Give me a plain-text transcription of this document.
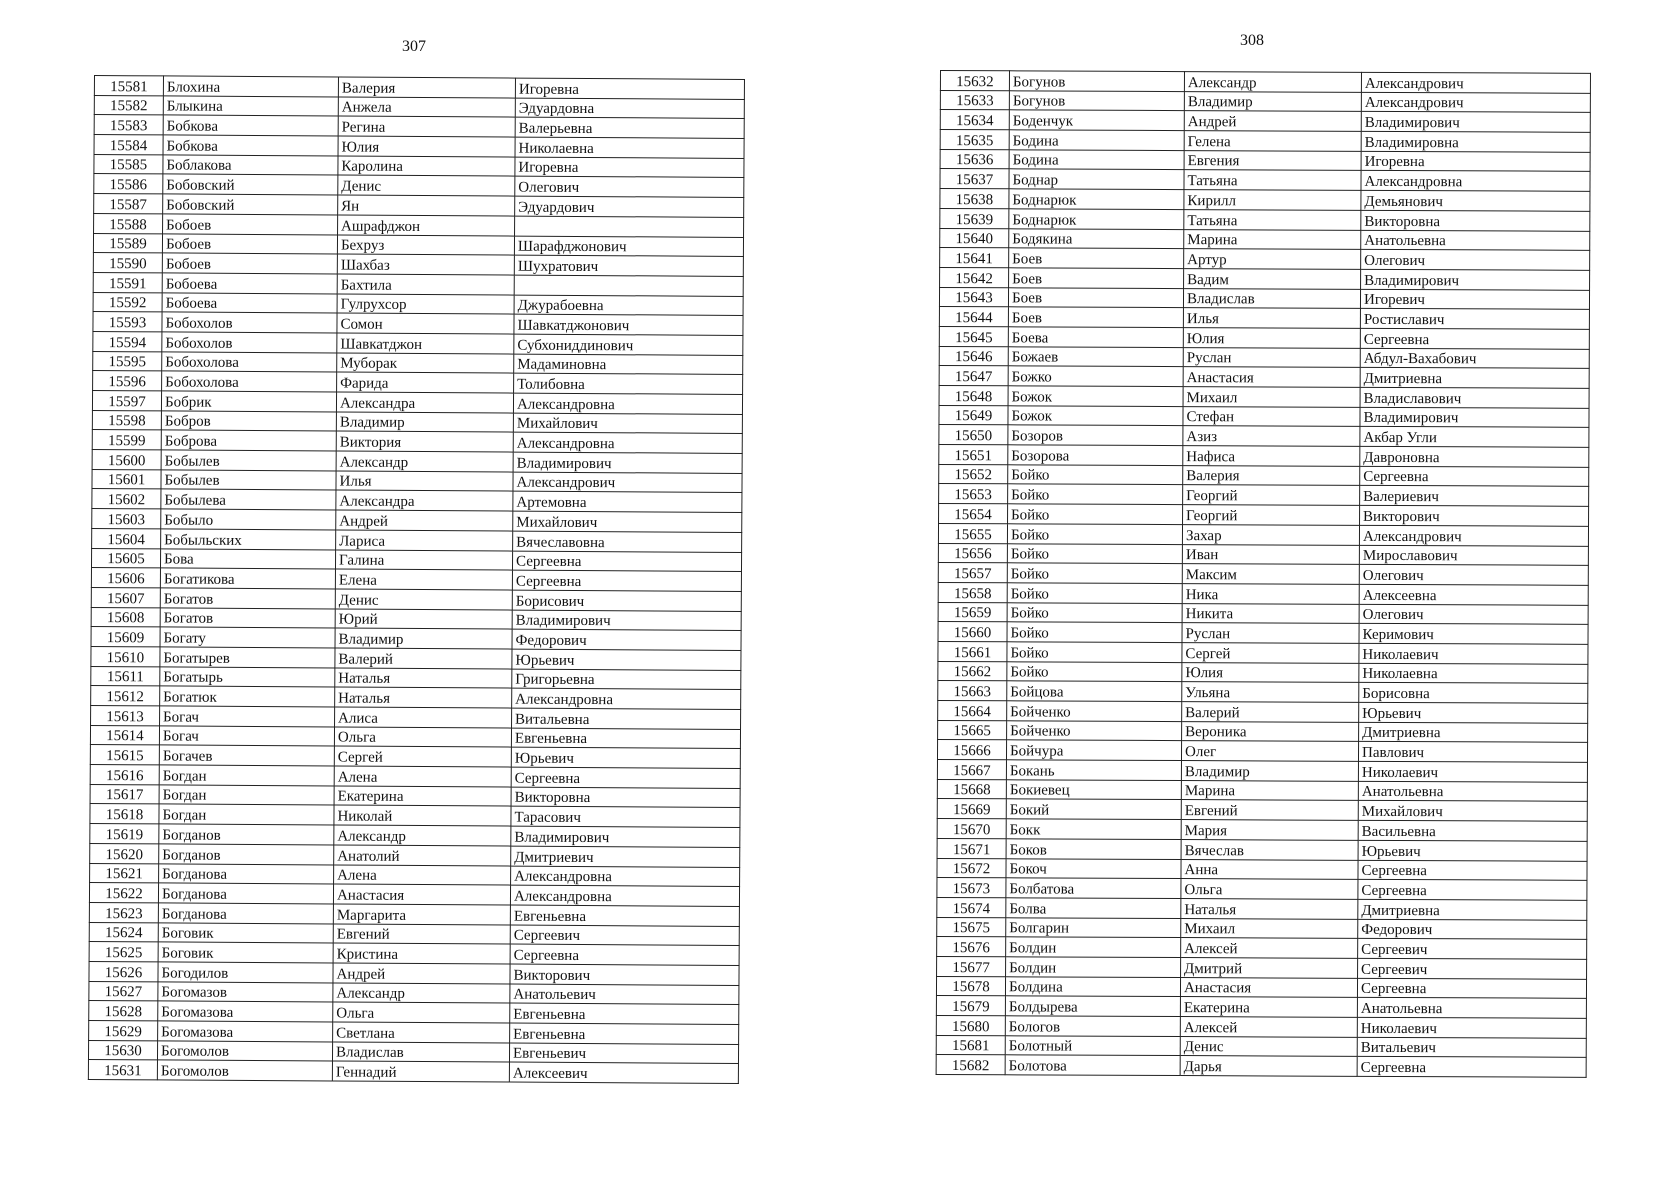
307
15581	Блохина	Валерия	Игоревна
15582	Блыкина	Анжела	Эдуардовна
15583	Бобкова	Регина	Валерьевна
15584	Бобкова	Юлия	Николаевна
15585	Боблакова	Каролина	Игоревна
15586	Бобовский	Денис	Олегович
15587	Бобовский	Ян	Эдуардович
15588	Бобоев	Ашрафджон	
15589	Бобоев	Бехруз	Шарафджонович
15590	Бобоев	Шахбаз	Шухратович
15591	Бобоева	Бахтила	
15592	Бобоева	Гулрухсор	Джурабоевна
15593	Бобохолов	Сомон	Шавкатджонович
15594	Бобохолов	Шавкатджон	Субхониддинович
15595	Бобохолова	Муборак	Мадаминовна
15596	Бобохолова	Фарида	Толибовна
15597	Бобрик	Александра	Александровна
15598	Бобров	Владимир	Михайлович
15599	Боброва	Виктория	Александровна
15600	Бобылев	Александр	Владимирович
15601	Бобылев	Илья	Александрович
15602	Бобылева	Александра	Артемовна
15603	Бобыло	Андрей	Михайлович
15604	Бобыльских	Лариса	Вячеславовна
15605	Бова	Галина	Сергеевна
15606	Богатикова	Елена	Сергеевна
15607	Богатов	Денис	Борисович
15608	Богатов	Юрий	Владимирович
15609	Богату	Владимир	Федорович
15610	Богатырев	Валерий	Юрьевич
15611	Богатырь	Наталья	Григорьевна
15612	Богатюк	Наталья	Александровна
15613	Богач	Алиса	Витальевна
15614	Богач	Ольга	Евгеньевна
15615	Богачев	Сергей	Юрьевич
15616	Богдан	Алена	Сергеевна
15617	Богдан	Екатерина	Викторовна
15618	Богдан	Николай	Тарасович
15619	Богданов	Александр	Владимирович
15620	Богданов	Анатолий	Дмитриевич
15621	Богданова	Алена	Александровна
15622	Богданова	Анастасия	Александровна
15623	Богданова	Маргарита	Евгеньевна
15624	Боговик	Евгений	Сергеевич
15625	Боговик	Кристина	Сергеевна
15626	Богодилов	Андрей	Викторович
15627	Богомазов	Александр	Анатольевич
15628	Богомазова	Ольга	Евгеньевна
15629	Богомазова	Светлана	Евгеньевна
15630	Богомолов	Владислав	Евгеньевич
15631	Богомолов	Геннадий	Алексеевич
308
15632	Богунов	Александр	Александрович
15633	Богунов	Владимир	Александрович
15634	Боденчук	Андрей	Владимирович
15635	Бодина	Гелена	Владимировна
15636	Бодина	Евгения	Игоревна
15637	Боднар	Татьяна	Александровна
15638	Боднарюк	Кирилл	Демьянович
15639	Боднарюк	Татьяна	Викторовна
15640	Бодякина	Марина	Анатольевна
15641	Боев	Артур	Олегович
15642	Боев	Вадим	Владимирович
15643	Боев	Владислав	Игоревич
15644	Боев	Илья	Ростиславич
15645	Боева	Юлия	Сергеевна
15646	Божаев	Руслан	Абдул-Вахабович
15647	Божко	Анастасия	Дмитриевна
15648	Божок	Михаил	Владиславович
15649	Божок	Стефан	Владимирович
15650	Бозоров	Азиз	Акбар Угли
15651	Бозорова	Нафиса	Давроновна
15652	Бойко	Валерия	Сергеевна
15653	Бойко	Георгий	Валериевич
15654	Бойко	Георгий	Викторович
15655	Бойко	Захар	Александрович
15656	Бойко	Иван	Мирославович
15657	Бойко	Максим	Олегович
15658	Бойко	Ника	Алексеевна
15659	Бойко	Никита	Олегович
15660	Бойко	Руслан	Керимович
15661	Бойко	Сергей	Николаевич
15662	Бойко	Юлия	Николаевна
15663	Бойцова	Ульяна	Борисовна
15664	Бойченко	Валерий	Юрьевич
15665	Бойченко	Вероника	Дмитриевна
15666	Бойчура	Олег	Павлович
15667	Бокань	Владимир	Николаевич
15668	Бокиевец	Марина	Анатольевна
15669	Бокий	Евгений	Михайлович
15670	Бокк	Мария	Васильевна
15671	Боков	Вячеслав	Юрьевич
15672	Бокоч	Анна	Сергеевна
15673	Болбатова	Ольга	Сергеевна
15674	Болва	Наталья	Дмитриевна
15675	Болгарин	Михаил	Федорович
15676	Болдин	Алексей	Сергеевич
15677	Болдин	Дмитрий	Сергеевич
15678	Болдина	Анастасия	Сергеевна
15679	Болдырева	Екатерина	Анатольевна
15680	Бологов	Алексей	Николаевич
15681	Болотный	Денис	Витальевич
15682	Болотова	Дарья	Сергеевна
